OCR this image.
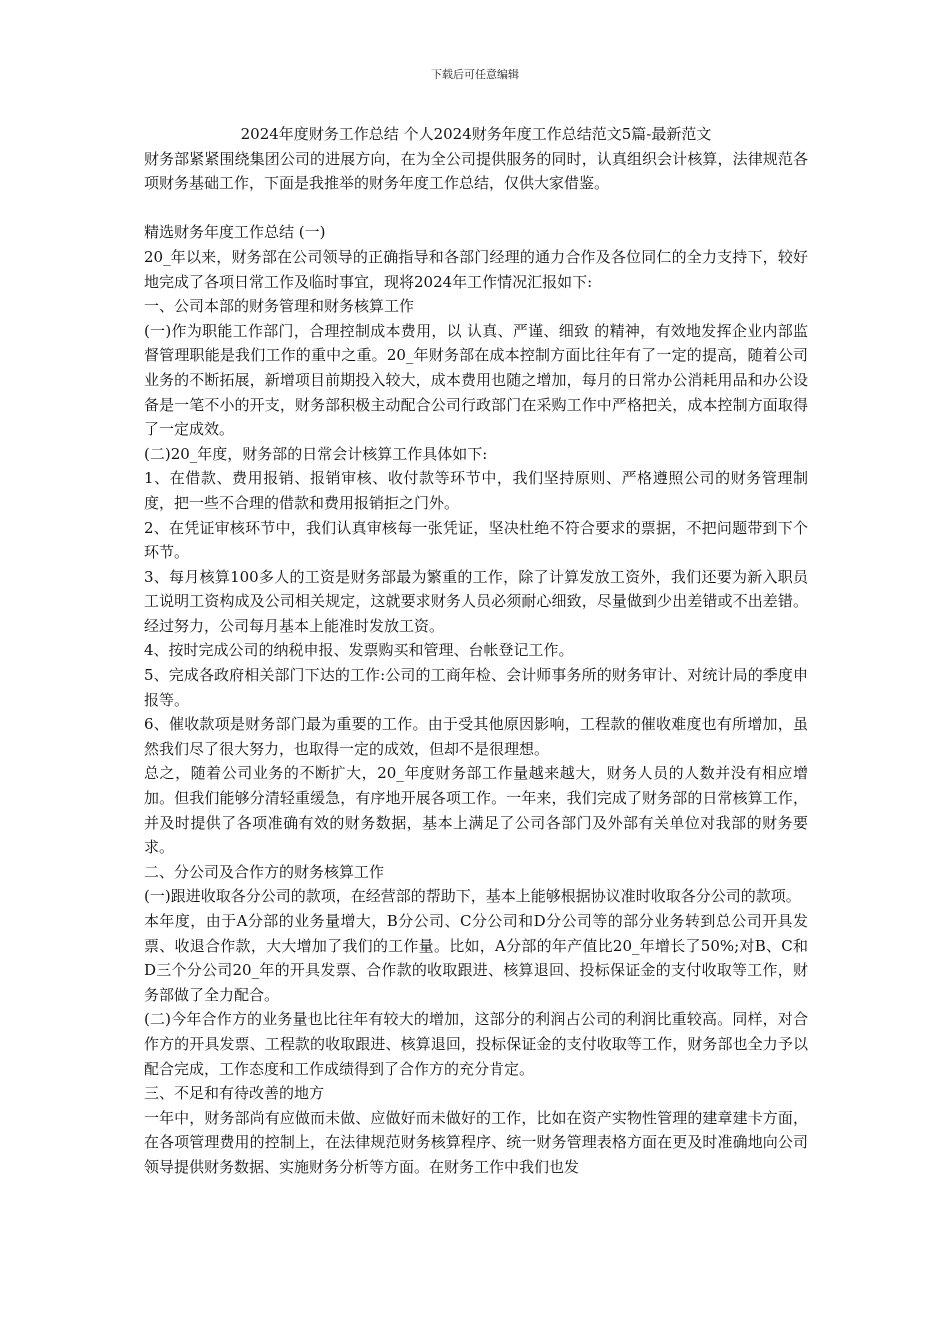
下载后可任意编辑

2024年度财务工作总结 个人2024财务年度工作总结范文5篇-最新范文

财务部紧紧围绕集团公司的进展方向，在为全公司提供服务的同时，认真组织会计核算，法律规范各项财务基础工作，下面是我推举的财务年度工作总结，仅供大家借鉴。

精选财务年度工作总结 (一)

20_年以来，财务部在公司领导的正确指导和各部门经理的通力合作及各位同仁的全力支持下，较好地完成了各项日常工作及临时事宜，现将2024年工作情况汇报如下:

一、公司本部的财务管理和财务核算工作

(一)作为职能工作部门，合理控制成本费用，以 认真、严谨、细致 的精神，有效地发挥企业内部监督管理职能是我们工作的重中之重。20_年财务部在成本控制方面比往年有了一定的提高，随着公司业务的不断拓展，新增项目前期投入较大，成本费用也随之增加，每月的日常办公消耗用品和办公设备是一笔不小的开支，财务部积极主动配合公司行政部门在采购工作中严格把关，成本控制方面取得了一定成效。

(二)20_年度，财务部的日常会计核算工作具体如下:

1、在借款、费用报销、报销审核、收付款等环节中，我们坚持原则、严格遵照公司的财务管理制度，把一些不合理的借款和费用报销拒之门外。

2、在凭证审核环节中，我们认真审核每一张凭证，坚决杜绝不符合要求的票据，不把问题带到下个环节。

3、每月核算100多人的工资是财务部最为繁重的工作，除了计算发放工资外，我们还要为新入职员工说明工资构成及公司相关规定，这就要求财务人员必须耐心细致，尽量做到少出差错或不出差错。经过努力，公司每月基本上能准时发放工资。

4、按时完成公司的纳税申报、发票购买和管理、台帐登记工作。

5、完成各政府相关部门下达的工作:公司的工商年检、会计师事务所的财务审计、对统计局的季度申报等。

6、催收款项是财务部门最为重要的工作。由于受其他原因影响，工程款的催收难度也有所增加，虽然我们尽了很大努力，也取得一定的成效，但却不是很理想。

总之，随着公司业务的不断扩大，20_年度财务部工作量越来越大，财务人员的人数并没有相应增加。但我们能够分清轻重缓急，有序地开展各项工作。一年来，我们完成了财务部的日常核算工作，并及时提供了各项准确有效的财务数据，基本上满足了公司各部门及外部有关单位对我部的财务要求。

二、分公司及合作方的财务核算工作

(一)跟进收取各分公司的款项，在经营部的帮助下，基本上能够根据协议准时收取各分公司的款项。

本年度，由于A分部的业务量增大，B分公司、C分公司和D分公司等的部分业务转到总公司开具发票、收退合作款，大大增加了我们的工作量。比如，A分部的年产值比20_年增长了50%;对B、C和D三个分公司20_年的开具发票、合作款的收取跟进、核算退回、投标保证金的支付收取等工作，财务部做了全力配合。

(二)今年合作方的业务量也比往年有较大的增加，这部分的利润占公司的利润比重较高。同样，对合作方的开具发票、工程款的收取跟进、核算退回，投标保证金的支付收取等工作，财务部也全力予以配合完成，工作态度和工作成绩得到了合作方的充分肯定。

三、不足和有待改善的地方

一年中，财务部尚有应做而未做、应做好而未做好的工作，比如在资产实物性管理的建章建卡方面，在各项管理费用的控制上，在法律规范财务核算程序、统一财务管理表格方面在更及时准确地向公司领导提供财务数据、实施财务分析等方面。在财务工作中我们也发
